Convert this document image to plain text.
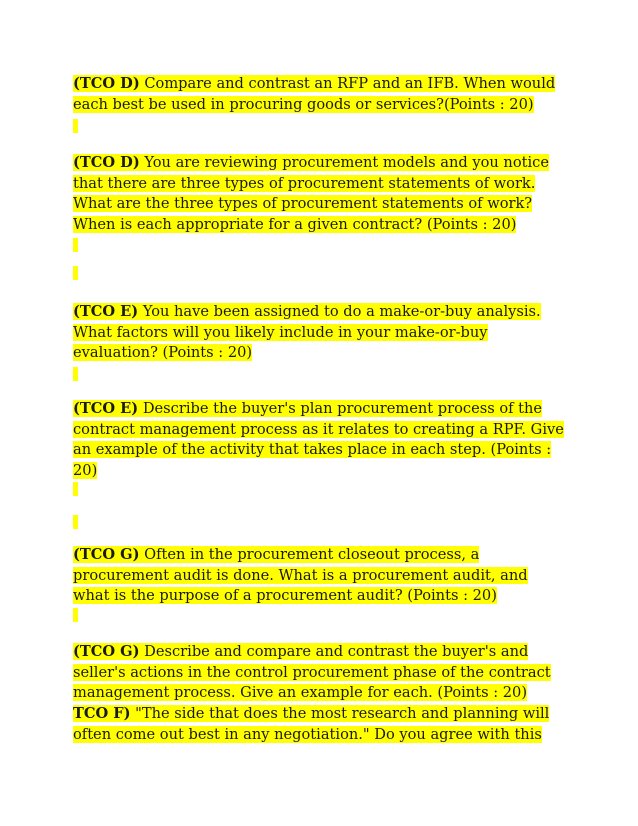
(TCO D) Compare and contrast an RFP and an IFB. When would
each best be used in procuring goods or services?(Points : 20)
(TCO D) You are reviewing procurement models and you notice
that there are three types of procurement statements of work.
What are the three types of procurement statements of work?
When is each appropriate for a given contract? (Points : 20)
(TCO E) You have been assigned to do a make-or-buy analysis.
What factors will you likely include in your make-or-buy
evaluation? (Points : 20)
(TCO E) Describe the buyer's plan procurement process of the
contract management process as it relates to creating a RPF. Give
an example of the activity that takes place in each step. (Points :
20)
(TCO G) Often in the procurement closeout process, a
procurement audit is done. What is a procurement audit, and
what is the purpose of a procurement audit? (Points : 20)
(TCO G) Describe and compare and contrast the buyer's and
seller's actions in the control procurement phase of the contract
management process. Give an example for each. (Points : 20)
TCO F) "The side that does the most research and planning will
often come out best in any negotiation." Do you agree with this
